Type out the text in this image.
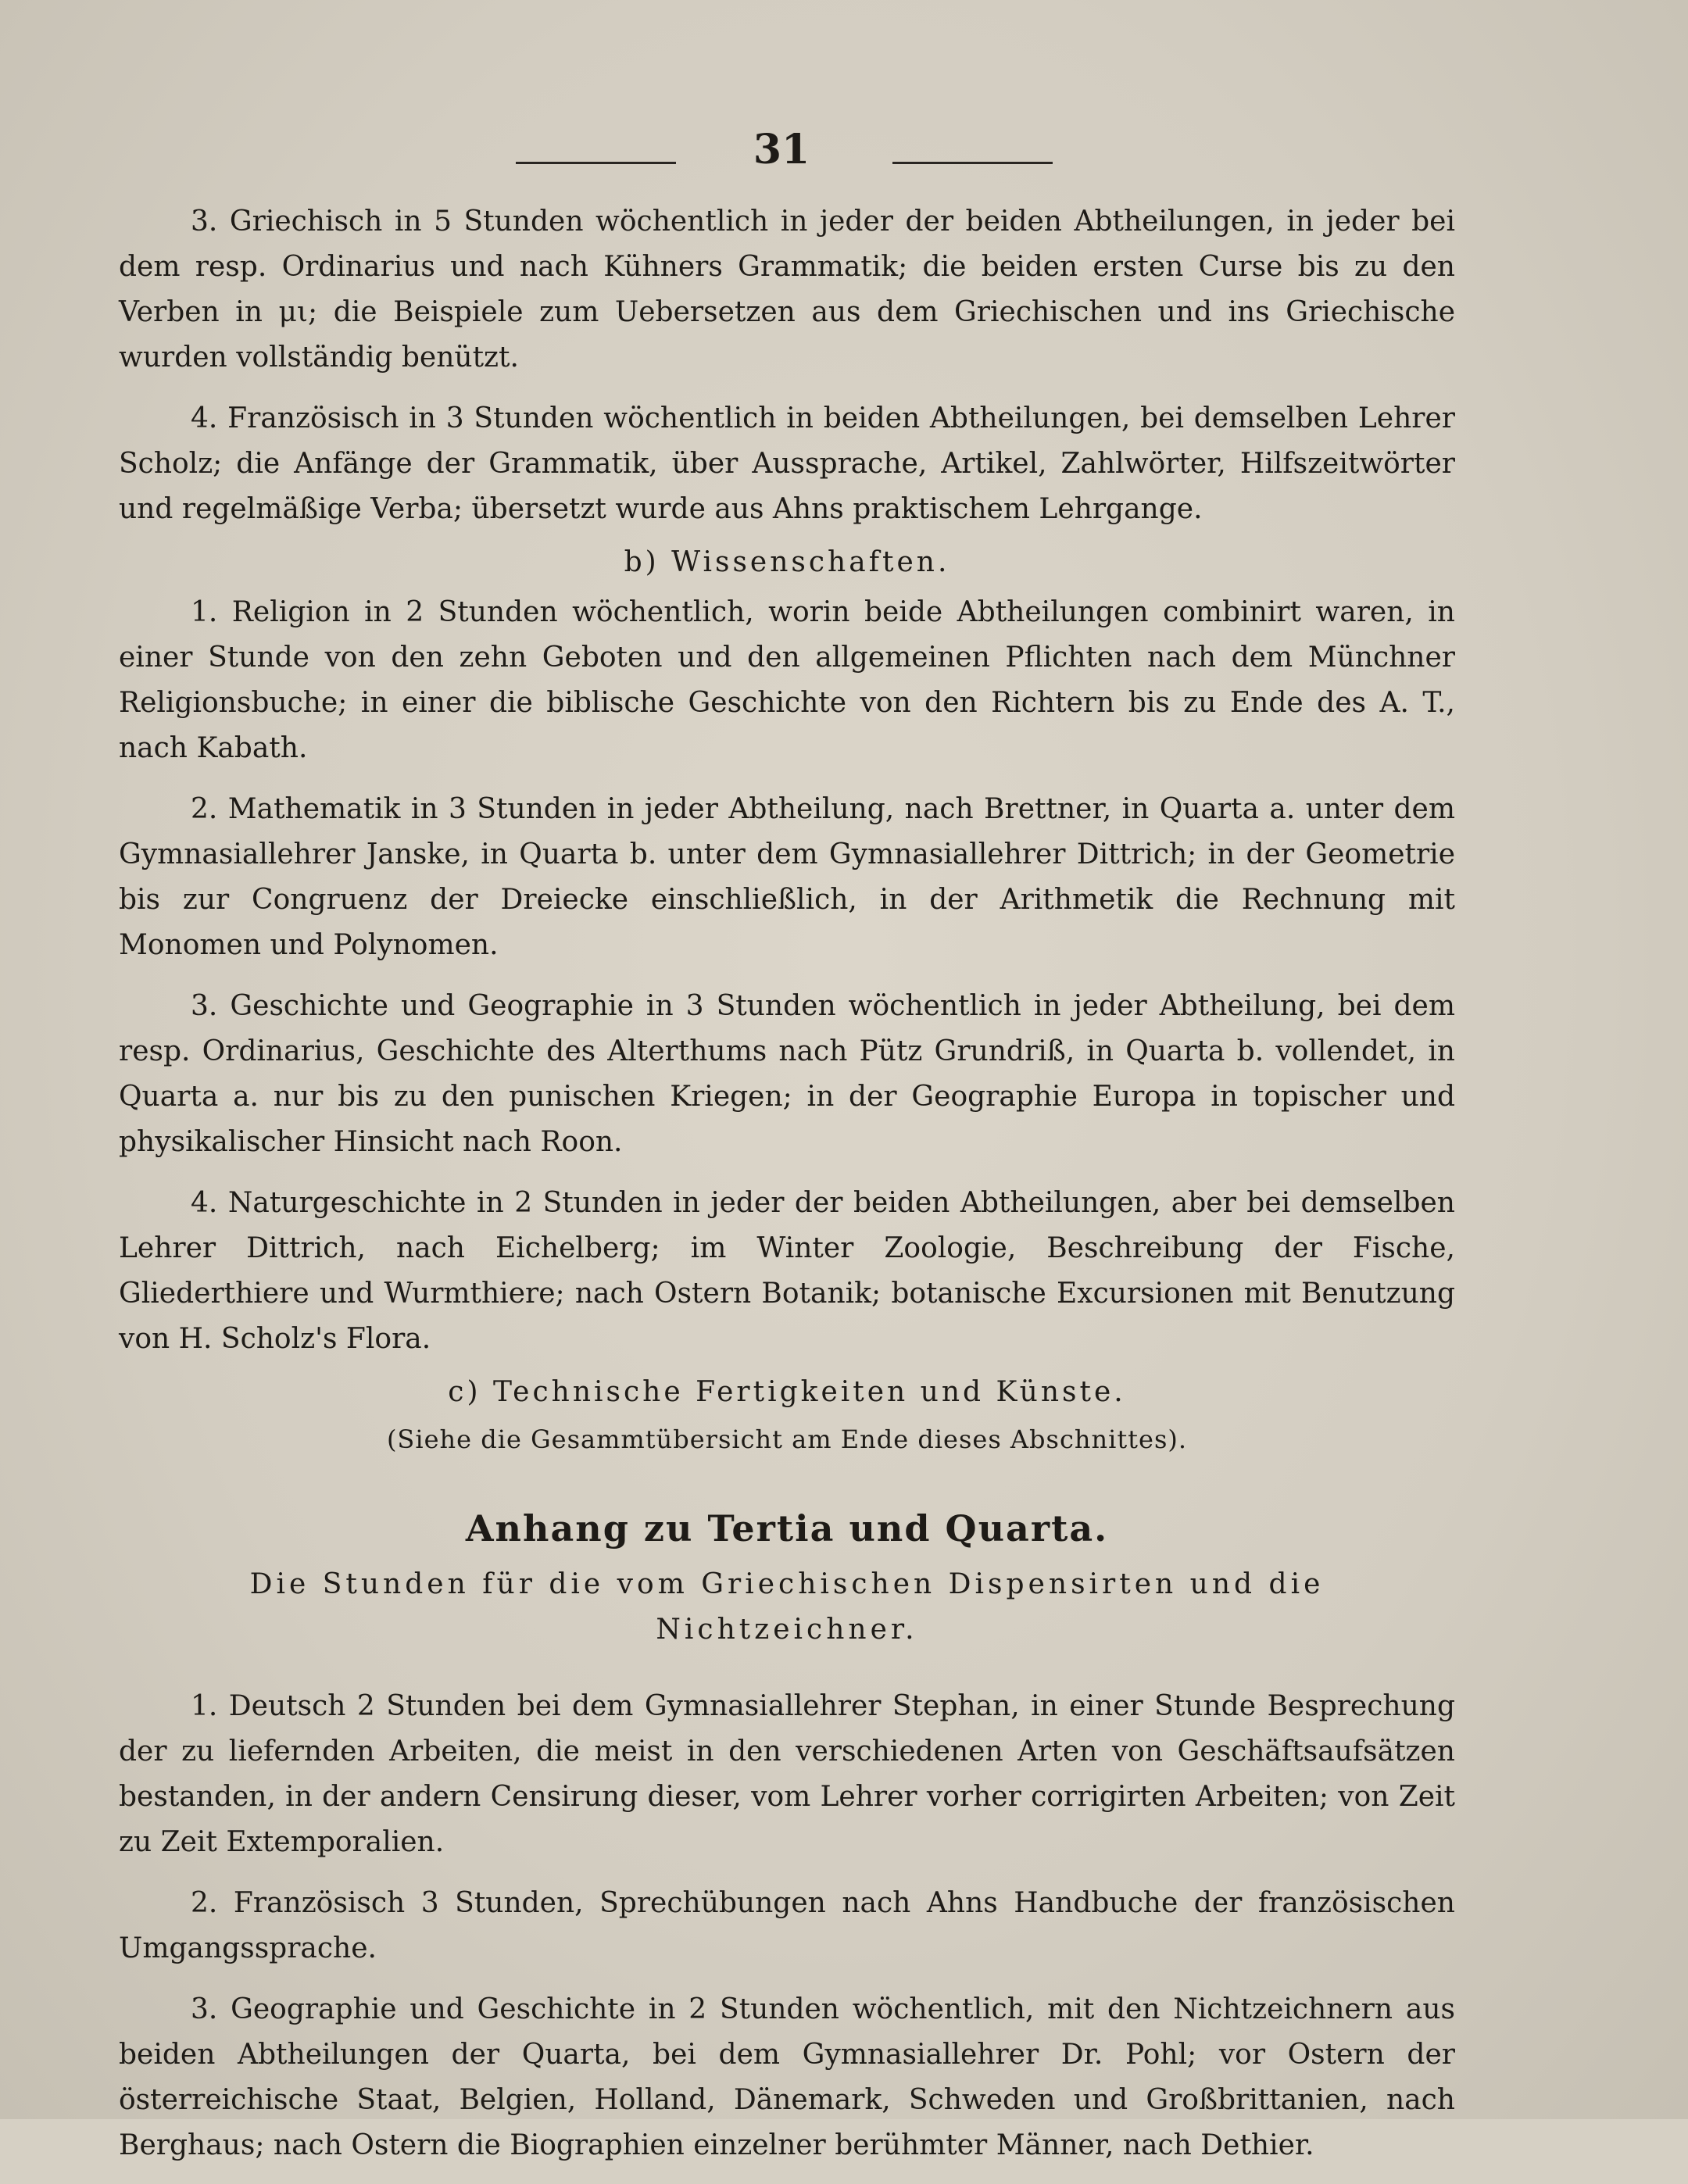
31

3. Griechisch in 5 Stunden wöchentlich in jeder der beiden Abtheilungen, in jeder bei dem resp. Ordinarius und nach Kühners Grammatik; die beiden ersten Curse bis zu den Verben in μι; die Beispiele zum Uebersetzen aus dem Griechischen und ins Griechische wurden vollständig benützt.

4. Französisch in 3 Stunden wöchentlich in beiden Abtheilungen, bei demselben Lehrer Scholz; die Anfänge der Grammatik, über Aussprache, Artikel, Zahlwörter, Hilfszeitwörter und regelmäßige Verba; übersetzt wurde aus Ahns praktischem Lehrgange.

b) Wissenschaften.

1. Religion in 2 Stunden wöchentlich, worin beide Abtheilungen combinirt waren, in einer Stunde von den zehn Geboten und den allgemeinen Pflichten nach dem Münchner Religionsbuche; in einer die biblische Geschichte von den Richtern bis zu Ende des A. T., nach Kabath.

2. Mathematik in 3 Stunden in jeder Abtheilung, nach Brettner, in Quarta a. unter dem Gymnasiallehrer Janske, in Quarta b. unter dem Gymnasiallehrer Dittrich; in der Geometrie bis zur Congruenz der Dreiecke einschließlich, in der Arithmetik die Rechnung mit Monomen und Polynomen.

3. Geschichte und Geographie in 3 Stunden wöchentlich in jeder Abtheilung, bei dem resp. Ordinarius, Geschichte des Alterthums nach Pütz Grundriß, in Quarta b. vollendet, in Quarta a. nur bis zu den punischen Kriegen; in der Geographie Europa in topischer und physikalischer Hinsicht nach Roon.

4. Naturgeschichte in 2 Stunden in jeder der beiden Abtheilungen, aber bei demselben Lehrer Dittrich, nach Eichelberg; im Winter Zoologie, Beschreibung der Fische, Gliederthiere und Wurmthiere; nach Ostern Botanik; botanische Excursionen mit Benutzung von H. Scholz's Flora.

c) Technische Fertigkeiten und Künste.

(Siehe die Gesammtübersicht am Ende dieses Abschnittes).

Anhang zu Tertia und Quarta.

Die Stunden für die vom Griechischen Dispensirten und die Nichtzeichner.

1. Deutsch 2 Stunden bei dem Gymnasiallehrer Stephan, in einer Stunde Besprechung der zu liefernden Arbeiten, die meist in den verschiedenen Arten von Geschäftsaufsätzen bestanden, in der andern Censirung dieser, vom Lehrer vorher corrigirten Arbeiten; von Zeit zu Zeit Extemporalien.

2. Französisch 3 Stunden, Sprechübungen nach Ahns Handbuche der französischen Umgangssprache.

3. Geographie und Geschichte in 2 Stunden wöchentlich, mit den Nichtzeichnern aus beiden Abtheilungen der Quarta, bei dem Gymnasiallehrer Dr. Pohl; vor Ostern der österreichische Staat, Belgien, Holland, Dänemark, Schweden und Großbrittanien, nach Berghaus; nach Ostern die Biographien einzelner berühmter Männer, nach Dethier.
